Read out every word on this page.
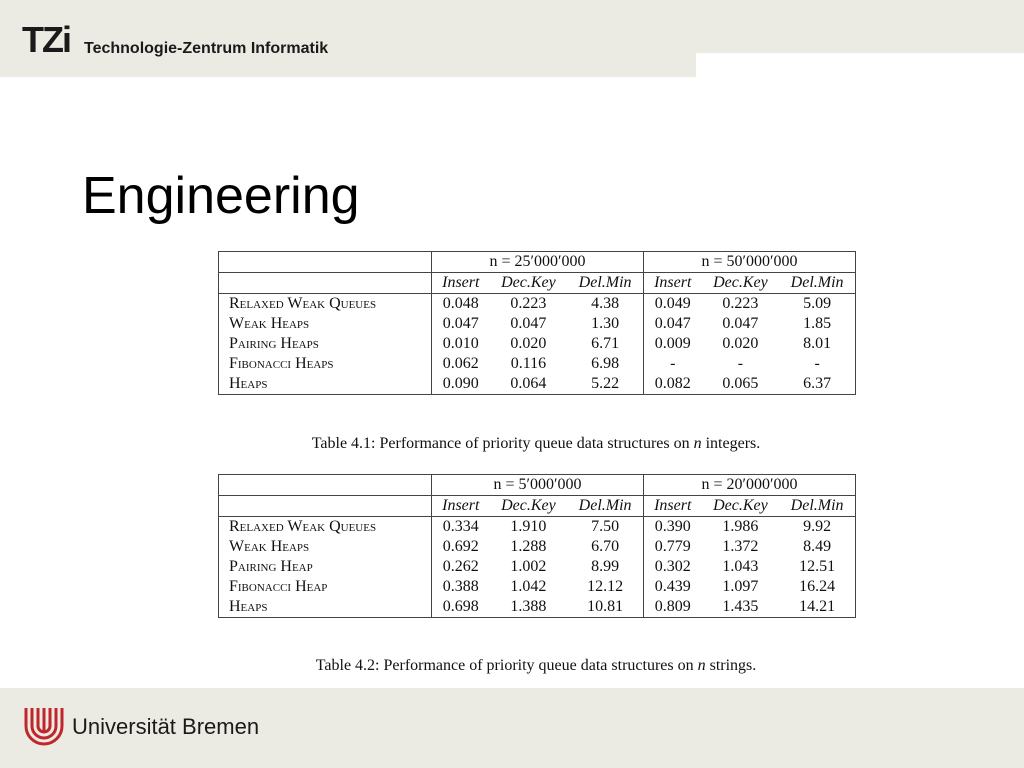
TZi Technologie-Zentrum Informatik
Engineering
	n = 25′000′000			n = 50′000′000		
	Insert	Dec.Key	Del.Min	Insert	Dec.Key	Del.Min
Relaxed Weak Queues	0.048	0.223	4.38	0.049	0.223	5.09
Weak Heaps	0.047	0.047	1.30	0.047	0.047	1.85
Pairing Heaps	0.010	0.020	6.71	0.009	0.020	8.01
Fibonacci Heaps	0.062	0.116	6.98	-	-	-
Heaps	0.090	0.064	5.22	0.082	0.065	6.37
Table 4.1: Performance of priority queue data structures on n integers.
	n = 5′000′000			n = 20′000′000		
	Insert	Dec.Key	Del.Min	Insert	Dec.Key	Del.Min
Relaxed Weak Queues	0.334	1.910	7.50	0.390	1.986	9.92
Weak Heaps	0.692	1.288	6.70	0.779	1.372	8.49
Pairing Heap	0.262	1.002	8.99	0.302	1.043	12.51
Fibonacci Heap	0.388	1.042	12.12	0.439	1.097	16.24
Heaps	0.698	1.388	10.81	0.809	1.435	14.21
Table 4.2: Performance of priority queue data structures on n strings.
Universität Bremen
